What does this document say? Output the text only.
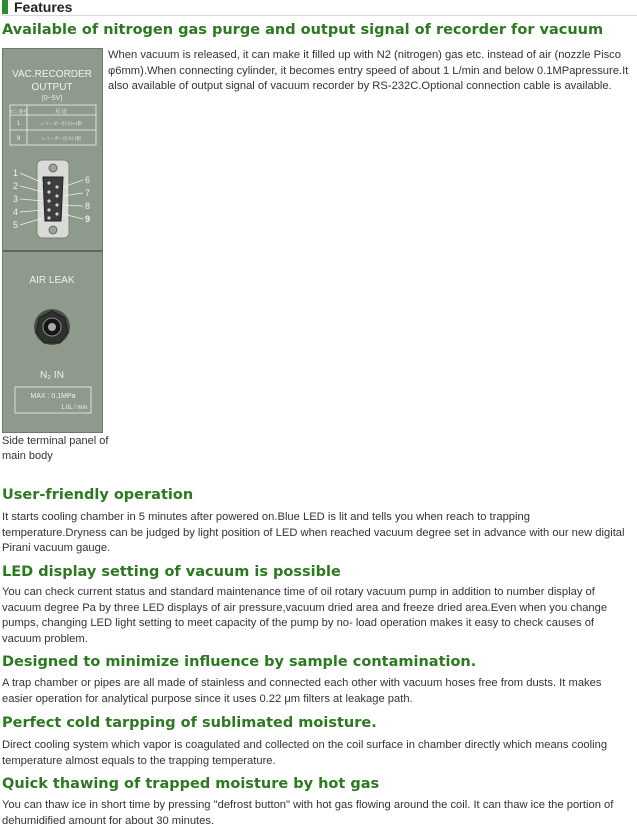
Features
Available of nitrogen gas purge and output signal of recorder for vacuum
VAC.RECORDER
OUTPUT
(0~5V)
ピン番号	用 途
1	レコーダー出力(+)側
9	レコーダー出力(-)側
1
2
3
4
5
6
7
8
9
AIR LEAK
N₂ IN
MAX : 0.1MPa
1.0L / min

When vacuum is released, it can make it filled up with N2 (nitrogen) gas etc. instead of air (nozzle Pisco φ6mm).When connecting cylinder, it becomes entry speed of about 1 L/min and below 0.1MPapressure.It also available of output signal of vacuum recorder by RS-232C.Optional connection cable is available.

Side terminal panel of main body
User-friendly operation

It starts cooling chamber in 5 minutes after powered on.Blue LED is lit and tells you when reach to trapping temperature.Dryness can be judged by light position of LED when reached vacuum degree set in advance with our new digital Pirani vacuum gauge.

LED display setting of vacuum is possible

You can check current status and standard maintenance time of oil rotary vacuum pump in addition to number display of vacuum degree Pa by three LED displays of air pressure,vacuum dried area and freeze dried area.Even when you change pumps, changing LED light setting to meet capacity of the pump by no- load operation makes it easy to check causes of vacuum problem.

Designed to minimize influence by sample contamination.

A trap chamber or pipes are all made of stainless and connected each other with vacuum hoses free from dusts. It makes easier operation for analytical purpose since it uses 0.22 μm filters at leakage path.

Perfect cold tarpping of sublimated moisture.

Direct cooling system which vapor is coagulated and collected on the coil surface in chamber directly which means cooling temperature almost equals to the trapping temperature.

Quick thawing of trapped moisture by hot gas

You can thaw ice in short time by pressing "defrost button" with hot gas flowing around the coil. It can thaw ice the portion of dehumidified amount for about 30 minutes.
